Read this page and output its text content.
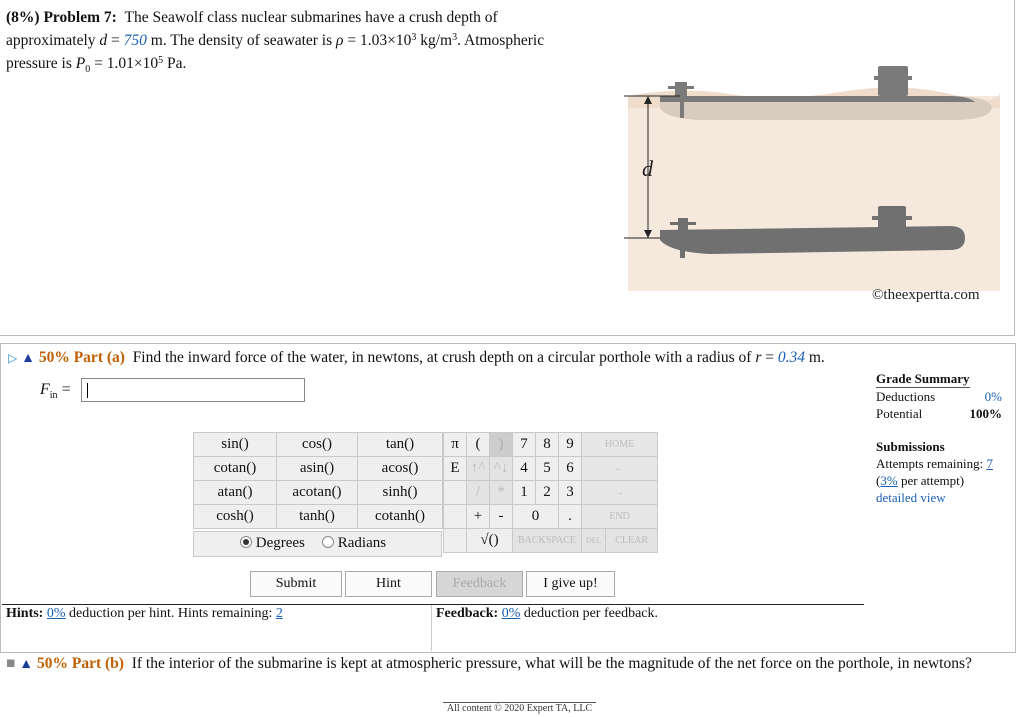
(8%) Problem 7: The Seawolf class nuclear submarines have a crush depth of
approximately d = 750 m. The density of seawater is $\rho = 1.03\times 10^3$ $kg/m^3$. Atmospheric
pressure is $P_0 = 1.01\times 10^5$ Pa.
d
©theexpertta.com
▷ ▲ 50% Part (a) Find the inward force of the water, in newtons, at crush depth on a circular porthole with a radius of r = 0.34 m.
$F_{in}$ =
sin()	cos()	tan()
cotan()	asin()	acos()
atan()	acotan()	sinh()
cosh()	tanh()	cotanh()
Degrees	Radians
π	(	)	7	8	9	HOME	
E	↑^	^↓	4	5	6	←	
	/	*	1	2	3	→	
	+	-	0		.	END	
	√()		BACKSPACE			DEL	CLEAR
Submit	Hint	Feedback	I give up!
Hints: 0% deduction per hint. Hints remaining: 2	Feedback: 0% deduction per feedback.
Grade Summary
Deductions	0%
Potential	100%
Submissions
Attempts remaining: 7
(3% per attempt)
detailed view
■ ▲ 50% Part (b) If the interior of the submarine is kept at atmospheric pressure, what will be the magnitude of the net force on the porthole, in newtons?
All content © 2020 Expert TA, LLC
